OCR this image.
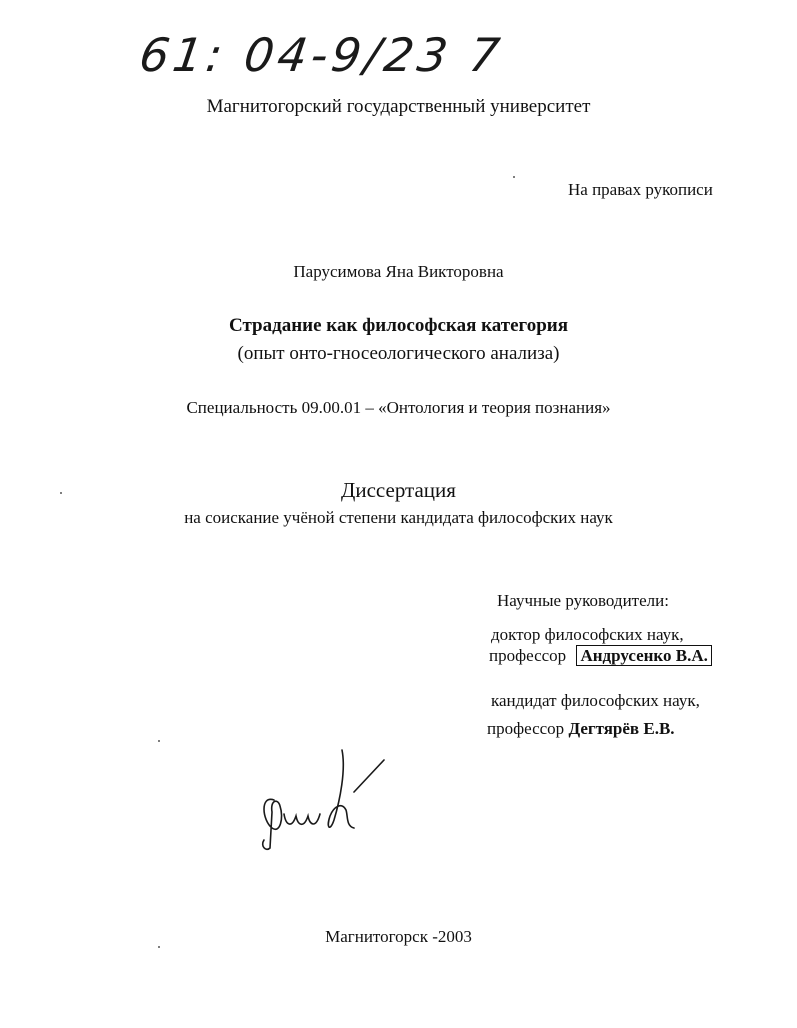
61: 04-9/23 7
Магнитогорский государственный университет
На правах рукописи
Парусимова Яна Викторовна
Страдание как философская категория
(опыт онто-гносеологического анализа)
Специальность 09.00.01 – «Онтология и теория познания»
Диссертация
на соискание учёной степени кандидата философских наук
Научные руководители:
доктор философских наук,
профессор Андрусенко В.А.
кандидат философских наук,
профессор Дегтярёв Е.В.
Магнитогорск -2003
